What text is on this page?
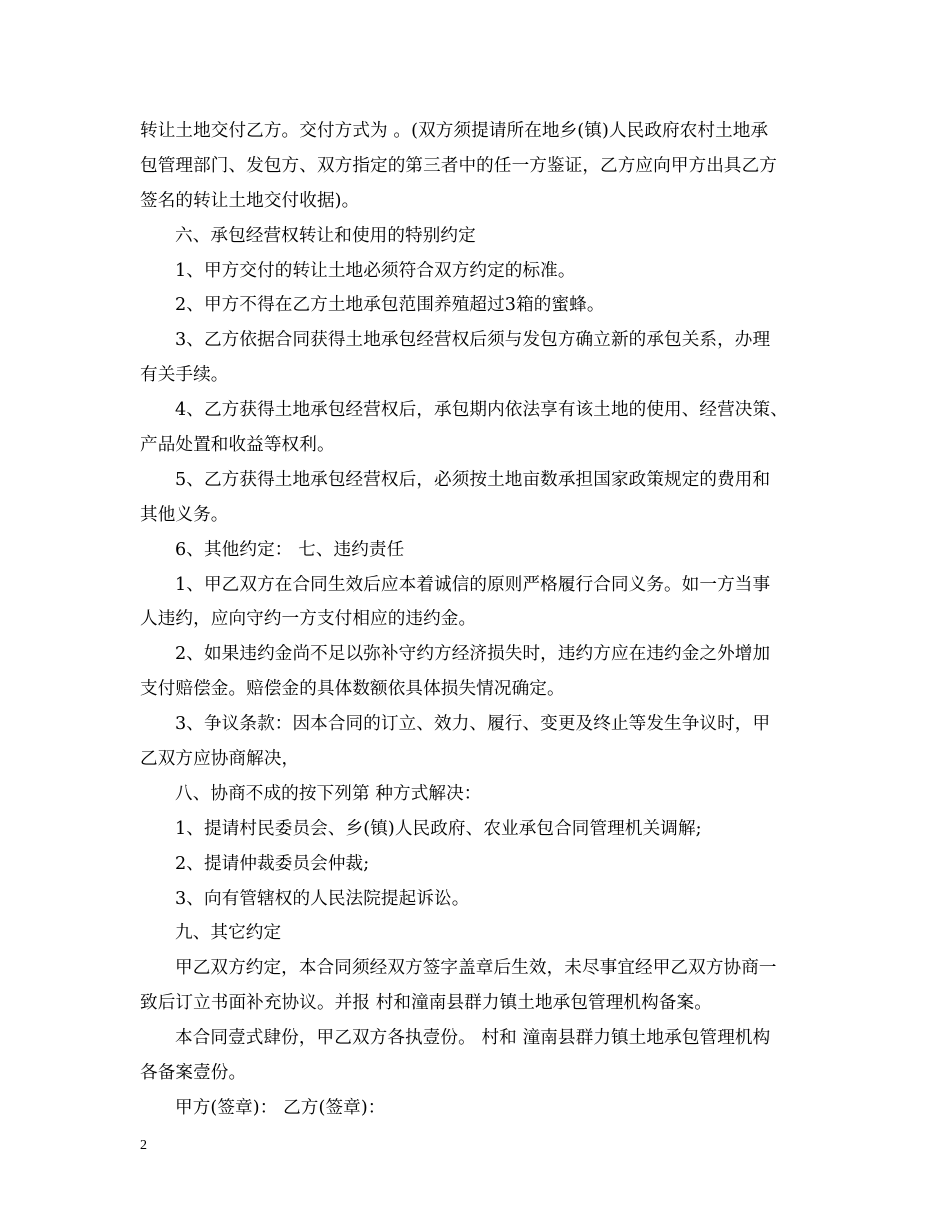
转让土地交付乙方。交付方式为 。(双方须提请所在地乡(镇)人民政府农村土地承
包管理部门、发包方、双方指定的第三者中的任一方鉴证，乙方应向甲方出具乙方
签名的转让土地交付收据)。
六、承包经营权转让和使用的特别约定
1、甲方交付的转让土地必须符合双方约定的标准。
2、甲方不得在乙方土地承包范围养殖超过3箱的蜜蜂。
3、乙方依据合同获得土地承包经营权后须与发包方确立新的承包关系，办理
有关手续。
4、乙方获得土地承包经营权后，承包期内依法享有该土地的使用、经营决策、
产品处置和收益等权利。
5、乙方获得土地承包经营权后，必须按土地亩数承担国家政策规定的费用和
其他义务。
6、其他约定： 七、违约责任
1、甲乙双方在合同生效后应本着诚信的原则严格履行合同义务。如一方当事
人违约，应向守约一方支付相应的违约金。
2、如果违约金尚不足以弥补守约方经济损失时，违约方应在违约金之外增加
支付赔偿金。赔偿金的具体数额依具体损失情况确定。
3、争议条款：因本合同的订立、效力、履行、变更及终止等发生争议时，甲
乙双方应协商解决，
八、协商不成的按下列第 种方式解决：
1、提请村民委员会、乡(镇)人民政府、农业承包合同管理机关调解;
2、提请仲裁委员会仲裁;
3、向有管辖权的人民法院提起诉讼。
九、其它约定
甲乙双方约定，本合同须经双方签字盖章后生效，未尽事宜经甲乙双方协商一
致后订立书面补充协议。并报 村和潼南县群力镇土地承包管理机构备案。
本合同壹式肆份，甲乙双方各执壹份。 村和 潼南县群力镇土地承包管理机构
各备案壹份。
甲方(签章)： 乙方(签章)：
2
